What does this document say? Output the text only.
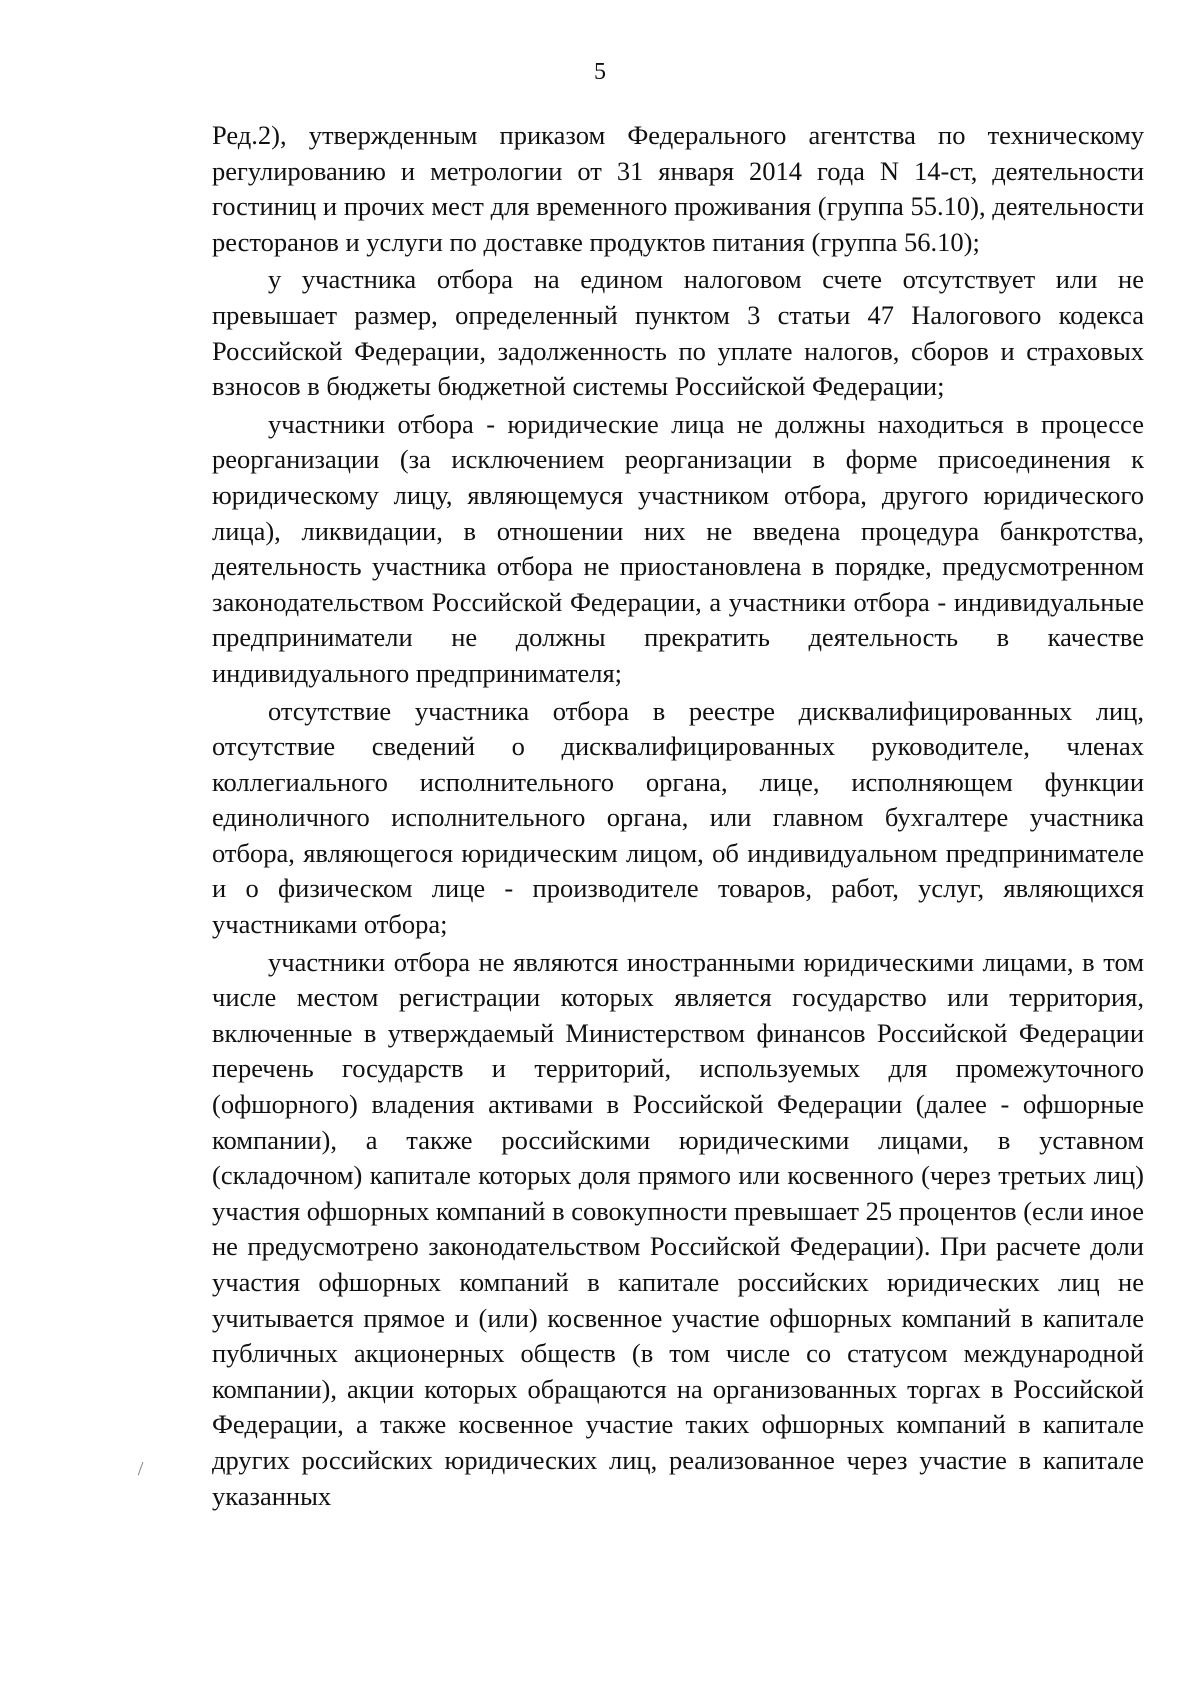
5

Ред.2), утвержденным приказом Федерального агентства по техническому регулированию и метрологии от 31 января 2014 года N 14-ст, деятельности гостиниц и прочих мест для временного проживания (группа 55.10), деятельности ресторанов и услуги по доставке продуктов питания (группа 56.10);

у участника отбора на едином налоговом счете отсутствует или не превышает размер, определенный пунктом 3 статьи 47 Налогового кодекса Российской Федерации, задолженность по уплате налогов, сборов и страховых взносов в бюджеты бюджетной системы Российской Федерации;

участники отбора - юридические лица не должны находиться в процессе реорганизации (за исключением реорганизации в форме присоединения к юридическому лицу, являющемуся участником отбора, другого юридического лица), ликвидации, в отношении них не введена процедура банкротства, деятельность участника отбора не приостановлена в порядке, предусмотренном законодательством Российской Федерации, а участники отбора - индивидуальные предприниматели не должны прекратить деятельность в качестве индивидуального предпринимателя;

отсутствие участника отбора в реестре дисквалифицированных лиц, отсутствие сведений о дисквалифицированных руководителе, членах коллегиального исполнительного органа, лице, исполняющем функции единоличного исполнительного органа, или главном бухгалтере участника отбора, являющегося юридическим лицом, об индивидуальном предпринимателе и о физическом лице - производителе товаров, работ, услуг, являющихся участниками отбора;

участники отбора не являются иностранными юридическими лицами, в том числе местом регистрации которых является государство или территория, включенные в утверждаемый Министерством финансов Российской Федерации перечень государств и территорий, используемых для промежуточного (офшорного) владения активами в Российской Федерации (далее - офшорные компании), а также российскими юридическими лицами, в уставном (складочном) капитале которых доля прямого или косвенного (через третьих лиц) участия офшорных компаний в совокупности превышает 25 процентов (если иное не предусмотрено законодательством Российской Федерации). При расчете доли участия офшорных компаний в капитале российских юридических лиц не учитывается прямое и (или) косвенное участие офшорных компаний в капитале публичных акционерных обществ (в том числе со статусом международной компании), акции которых обращаются на организованных торгах в Российской Федерации, а также косвенное участие таких офшорных компаний в капитале других российских юридических лиц, реализованное через участие в капитале указанных
